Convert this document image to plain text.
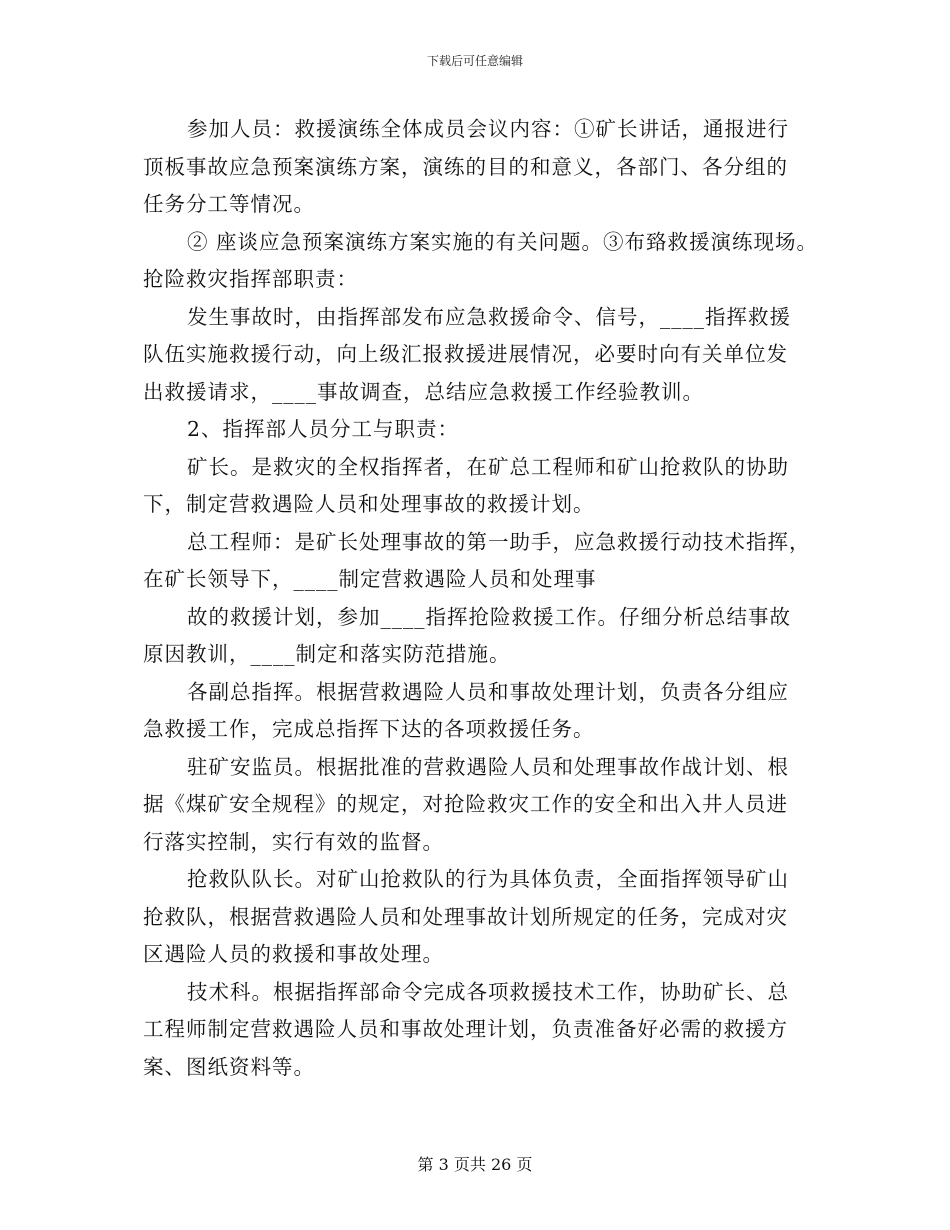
下载后可任意编辑
参加人员：救援演练全体成员会议内容：①矿长讲话，通报进行
顶板事故应急预案演练方案，演练的目的和意义，各部门、各分组的
任务分工等情况。
② 座谈应急预案演练方案实施的有关问题。③布臵救援演练现场。
抢险救灾指挥部职责：
发生事故时，由指挥部发布应急救援命令、信号，____指挥救援
队伍实施救援行动，向上级汇报救援进展情况，必要时向有关单位发
出救援请求，____事故调查，总结应急救援工作经验教训。
2、指挥部人员分工与职责：
矿长。是救灾的全权指挥者，在矿总工程师和矿山抢救队的协助
下，制定营救遇险人员和处理事故的救援计划。
总工程师：是矿长处理事故的第一助手，应急救援行动技术指挥，
在矿长领导下，____制定营救遇险人员和处理事
故的救援计划，参加____指挥抢险救援工作。仔细分析总结事故
原因教训，____制定和落实防范措施。
各副总指挥。根据营救遇险人员和事故处理计划，负责各分组应
急救援工作，完成总指挥下达的各项救援任务。
驻矿安监员。根据批准的营救遇险人员和处理事故作战计划、根
据《煤矿安全规程》的规定，对抢险救灾工作的安全和出入井人员进
行落实控制，实行有效的监督。
抢救队队长。对矿山抢救队的行为具体负责，全面指挥领导矿山
抢救队，根据营救遇险人员和处理事故计划所规定的任务，完成对灾
区遇险人员的救援和事故处理。
技术科。根据指挥部命令完成各项救援技术工作，协助矿长、总
工程师制定营救遇险人员和事故处理计划，负责准备好必需的救援方
案、图纸资料等。
第 3 页共 26 页
